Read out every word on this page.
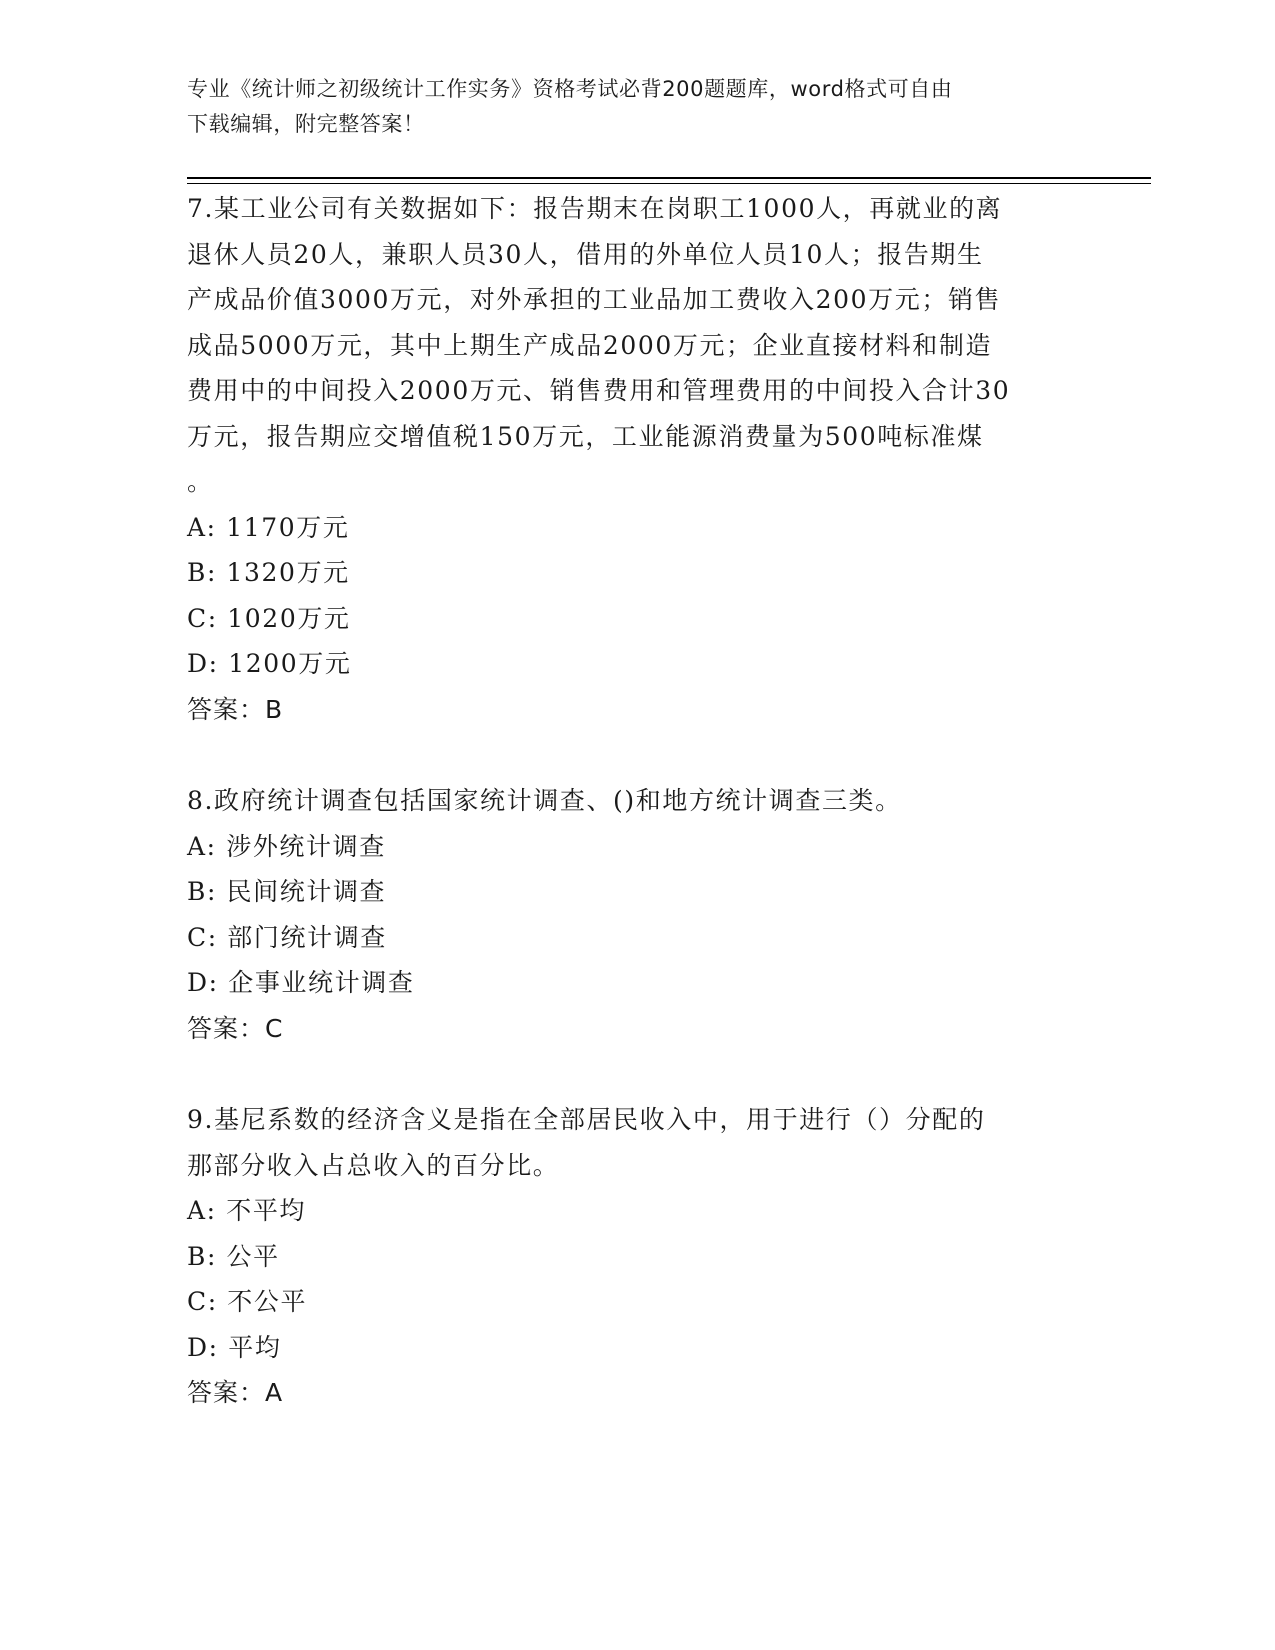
专业《统计师之初级统计工作实务》资格考试必背200题题库，word格式可自由
下载编辑，附完整答案！

7.某工业公司有关数据如下：报告期末在岗职工1000人，再就业的离

退休人员20人，兼职人员30人，借用的外单位人员10人；报告期生

产成品价值3000万元，对外承担的工业品加工费收入200万元；销售

成品5000万元，其中上期生产成品2000万元；企业直接材料和制造

费用中的中间投入2000万元、销售费用和管理费用的中间投入合计30

万元，报告期应交增值税150万元，工业能源消费量为500吨标准煤

。

A: 1170万元

B: 1320万元

C: 1020万元

D: 1200万元

答案：B

8.政府统计调查包括国家统计调查、()和地方统计调查三类。

A: 涉外统计调查

B: 民间统计调查

C: 部门统计调查

D: 企事业统计调查

答案：C

9.基尼系数的经济含义是指在全部居民收入中，用于进行（）分配的

那部分收入占总收入的百分比。

A: 不平均

B: 公平

C: 不公平

D: 平均

答案：A
